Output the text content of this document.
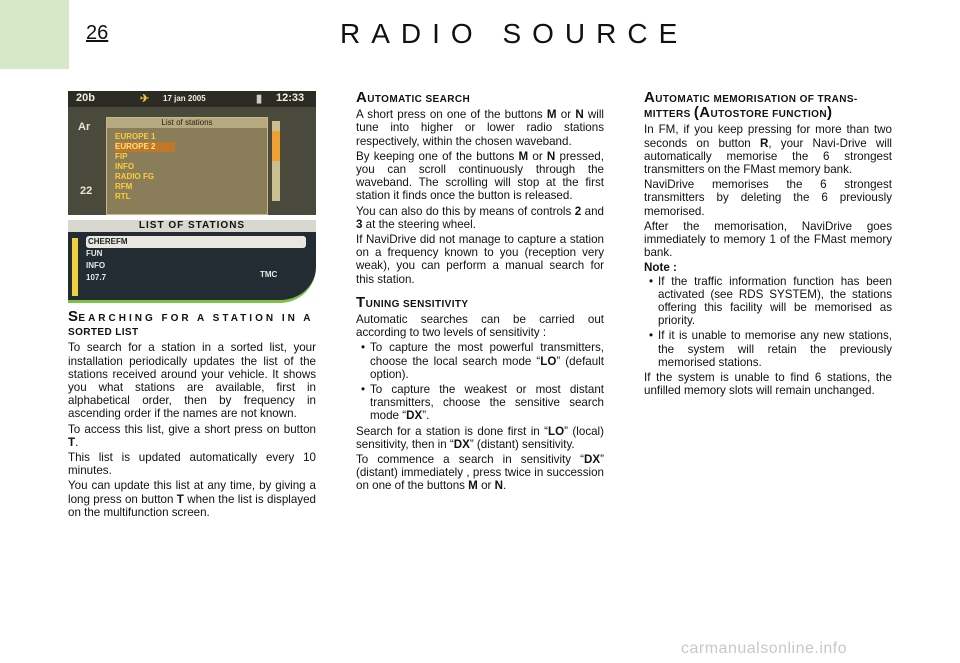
26	RADIO SOURCE
20b	✈ 17 jan 2005	▮ 12:33
Ar
22
List of stations
EUROPE 1
EUROPE 2
FIP
INFO
RADIO FG
RFM
RTL
LIST OF STATIONS
CHEREFM
FUN
INFO
107.7	TMC
SEARCHING FOR A STATION IN A
SORTED LIST

To search for a station in a sorted list, your installation periodically updates the list of the stations received around your vehicle. It shows you what stations are available, first in alphabetical order, then by frequency in ascending order if the names are not known.

To access this list, give a short press on button T.

This list is updated automatically every 10 minutes.

You can update this list at any time, by giving a long press on button T when the list is displayed on the multifunction screen.

AUTOMATIC SEARCH

A short press on one of the buttons M or N will tune into higher or lower radio stations respectively, within the chosen waveband.

By keeping one of the buttons M or N pressed, you can scroll continuously through the waveband. The scrolling will stop at the first station it finds once the button is released.

You can also do this by means of controls 2 and 3 at the steering wheel.

If NaviDrive did not manage to capture a station on a frequency known to you (reception very weak), you can perform a manual search for this station.

TUNING SENSITIVITY

Automatic searches can be carried out according to two levels of sensitivity :

• To capture the most powerful transmitters, choose the local search mode “LO” (default option).
• To capture the weakest or most distant transmitters, choose the sensitive search mode “DX”.

Search for a station is done first in “LO” (local) sensitivity, then in “DX” (distant) sensitivity.

To commence a search in sensitivity “DX” (distant) immediately , press twice in succession on one of the buttons M or N.

AUTOMATIC MEMORISATION OF TRANS-
MITTERS (AUTOSTORE FUNCTION)

In FM, if you keep pressing for more than two seconds on button R, your Navi-Drive will automatically memorise the 6 strongest transmitters on the FMast memory bank.

NaviDrive memorises the 6 strongest transmitters by deleting the 6 previously memorised.

After the memorisation, NaviDrive goes immediately to memory 1 of the FMast memory bank.

Note :

• If the traffic information function has been activated (see RDS SYSTEM), the stations offering this facility will be memorised as priority.
• If it is unable to memorise any new stations, the system will retain the previously memorised stations.

If the system is unable to find 6 stations, the unfilled memory slots will remain unchanged.

carmanualsonline.info
